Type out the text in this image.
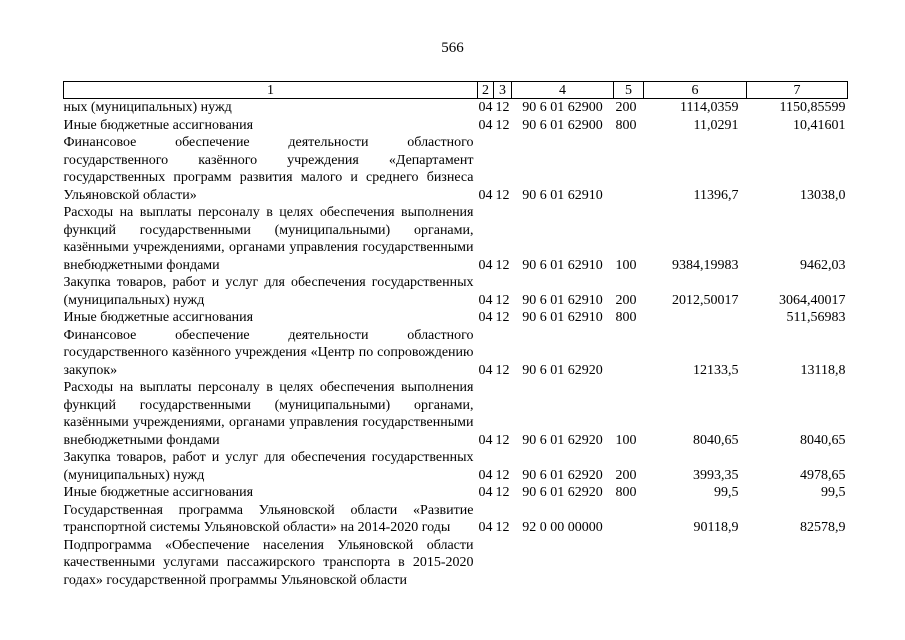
566
1	2	3	4	5	6	7
ных (муниципальных) нужд	04	12	90 6 01 62900	200	1114,0359	1150,85599
Иные бюджетные ассигнования	04	12	90 6 01 62900	800	11,0291	10,41601
Финансовое обеспечение деятельности областного государственного казённого учреждения «Департамент государственных программ развития малого и среднего бизнеса Ульяновской области»	04	12	90 6 01 62910		11396,7	13038,0
Расходы на выплаты персоналу в целях обеспечения выполнения функций государственными (муниципальными) органами, казёнными учреждениями, органами управления государственными внебюджетными фондами	04	12	90 6 01 62910	100	9384,19983	9462,03
Закупка товаров, работ и услуг для обеспечения государственных (муниципальных) нужд	04	12	90 6 01 62910	200	2012,50017	3064,40017
Иные бюджетные ассигнования	04	12	90 6 01 62910	800		511,56983
Финансовое обеспечение деятельности областного государственного казённого учреждения «Центр по сопровождению закупок»	04	12	90 6 01 62920		12133,5	13118,8
Расходы на выплаты персоналу в целях обеспечения выполнения функций государственными (муниципальными) органами, казёнными учреждениями, органами управления государственными внебюджетными фондами	04	12	90 6 01 62920	100	8040,65	8040,65
Закупка товаров, работ и услуг для обеспечения государственных (муниципальных) нужд	04	12	90 6 01 62920	200	3993,35	4978,65
Иные бюджетные ассигнования	04	12	90 6 01 62920	800	99,5	99,5
Государственная программа Ульяновской области «Развитие транспортной системы Ульяновской области» на 2014-2020 годы	04	12	92 0 00 00000		90118,9	82578,9
Подпрограмма «Обеспечение населения Ульяновской области качественными услугами пассажирского транспорта в 2015-2020 годах» государственной программы Ульяновской области						
